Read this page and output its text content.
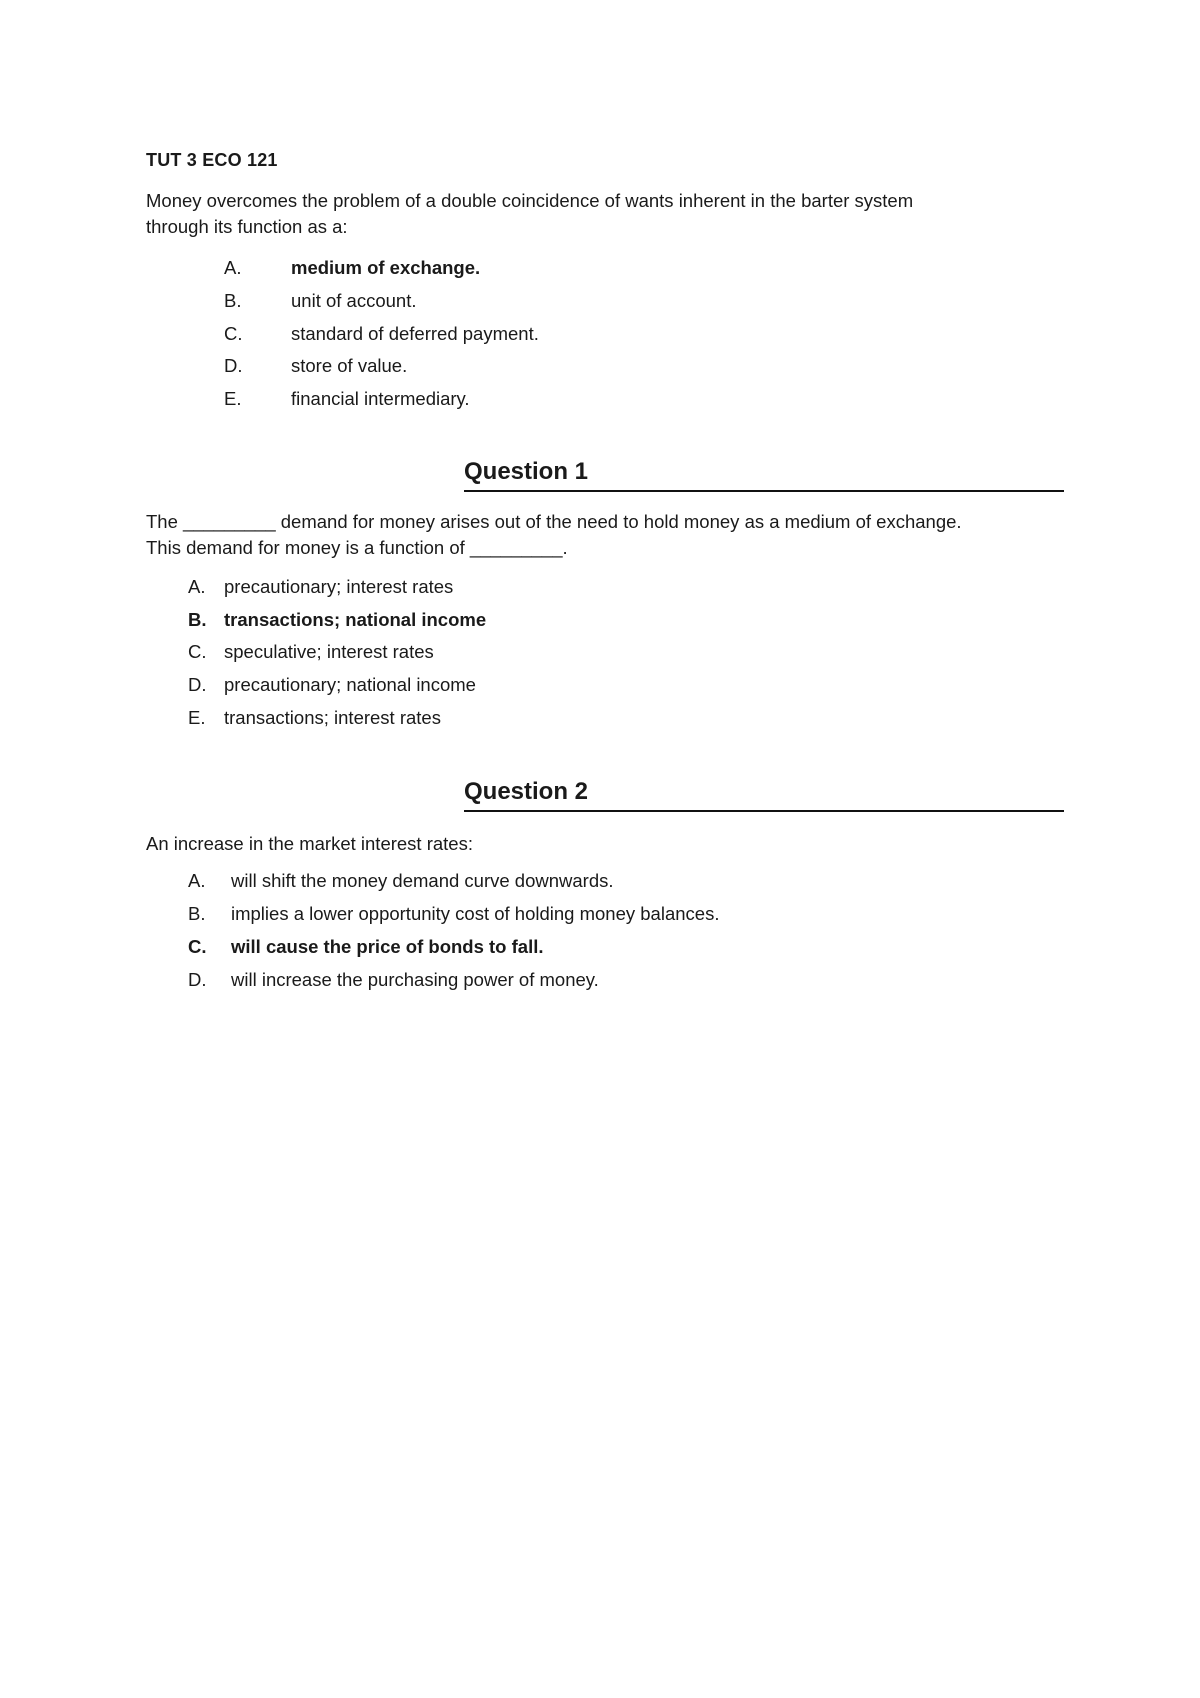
TUT 3 ECO 121
Money overcomes the problem of a double coincidence of wants inherent in the barter system
through its function as a:
A.	medium of exchange.
B.	unit of account.
C.	standard of deferred payment.
D.	store of value.
E.	financial intermediary.
Question 1
The _________ demand for money arises out of the need to hold money as a medium of exchange.
This demand for money is a function of _________.
A. precautionary; interest rates
B. transactions; national income
C. speculative; interest rates
D. precautionary; national income
E. transactions; interest rates
Question 2
An increase in the market interest rates:
A. will shift the money demand curve downwards.
B. implies a lower opportunity cost of holding money balances.
C. will cause the price of bonds to fall.
D. will increase the purchasing power of money.
